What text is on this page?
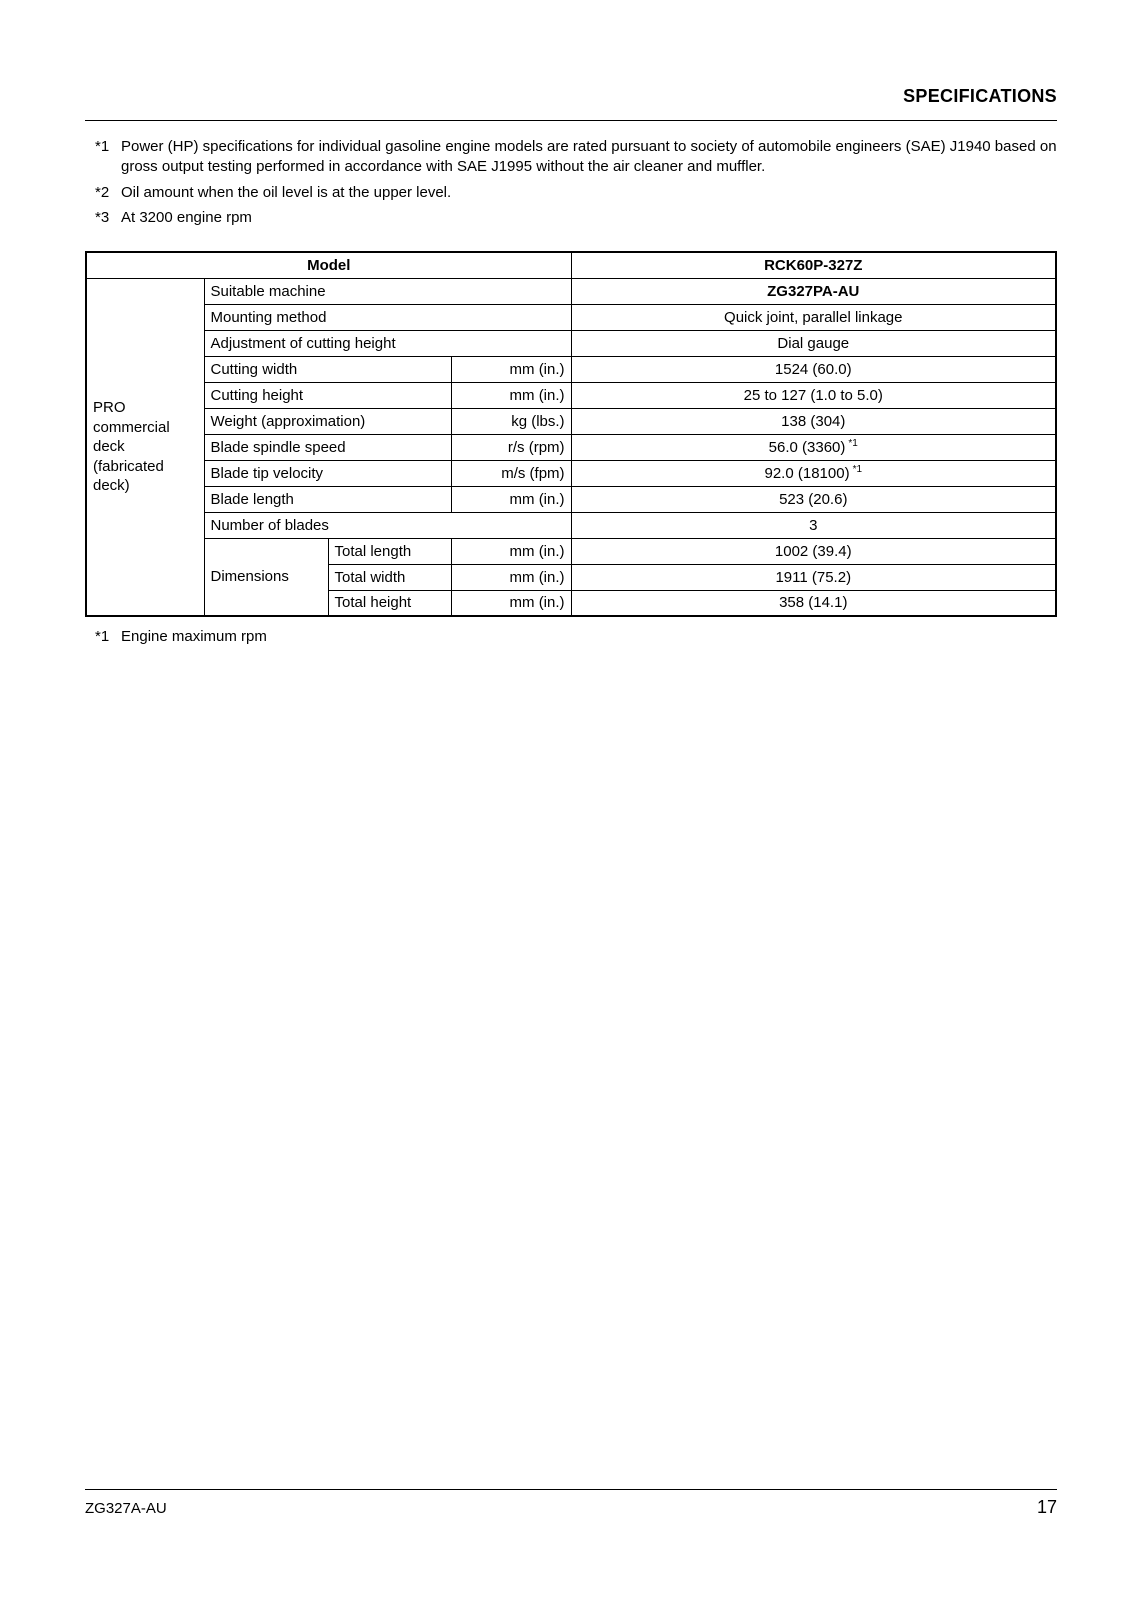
SPECIFICATIONS
*1 Power (HP) specifications for individual gasoline engine models are rated pursuant to society of automobile engineers (SAE) J1940 based on gross output testing performed in accordance with SAE J1995 without the air cleaner and muffler.
*2 Oil amount when the oil level is at the upper level.
*3 At 3200 engine rpm
Model				RCK60P-327Z
PRO commercial deck (fabricated deck)	Suitable machine			ZG327PA-AU
	Mounting method			Quick joint, parallel linkage
	Adjustment of cutting height			Dial gauge
	Cutting width		mm (in.)	1524 (60.0)
	Cutting height		mm (in.)	25 to 127 (1.0 to 5.0)
	Weight (approximation)		kg (lbs.)	138 (304)
	Blade spindle speed		r/s (rpm)	56.0 (3360) $^{*1}$
	Blade tip velocity		m/s (fpm)	92.0 (18100) $^{*1}$
	Blade length		mm (in.)	523 (20.6)
	Number of blades			3
	Dimensions	Total length	mm (in.)	1002 (39.4)
		Total width	mm (in.)	1911 (75.2)
		Total height	mm (in.)	358 (14.1)
*1 Engine maximum rpm
ZG327A-AU	17
